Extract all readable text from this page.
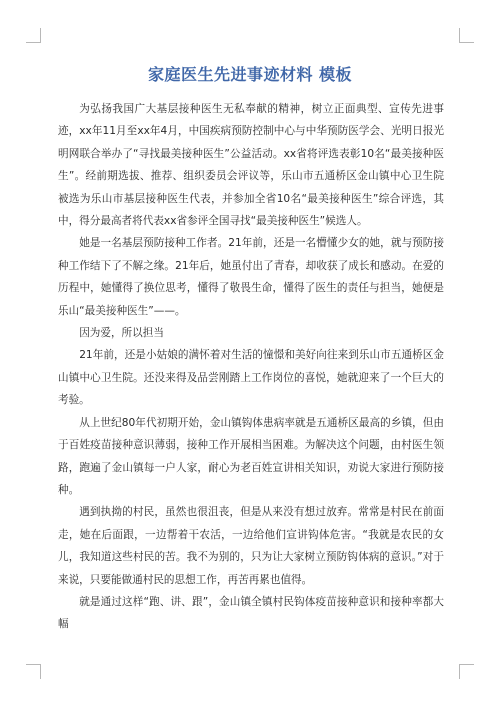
家庭医生先进事迹材料 模板

为弘扬我国广大基层接种医生无私奉献的精神，树立正面典型、宣传先进事迹，xx年11月至xx年4月，中国疾病预防控制中心与中华预防医学会、光明日报光明网联合举办了“寻找最美接种医生”公益活动。xx省将评选表彰10名“最美接种医生”。经前期选拔、推荐、组织委员会评议等，乐山市五通桥区金山镇中心卫生院被选为乐山市基层接种医生代表，并参加全省10名“最美接种医生”综合评选，其中，得分最高者将代表xx省参评全国寻找“最美接种医生”候选人。

她是一名基层预防接种工作者。21年前，还是一名懵懂少女的她，就与预防接种工作结下了不解之缘。21年后，她虽付出了青春，却收获了成长和感动。在爱的历程中，她懂得了换位思考，懂得了敬畏生命，懂得了医生的责任与担当，她便是乐山“最美接种医生”——。

因为爱，所以担当

21年前，还是小姑娘的满怀着对生活的憧憬和美好向往来到乐山市五通桥区金山镇中心卫生院。还没来得及品尝刚踏上工作岗位的喜悦，她就迎来了一个巨大的考验。

从上世纪80年代初期开始，金山镇钩体患病率就是五通桥区最高的乡镇，但由于百姓疫苗接种意识薄弱，接种工作开展相当困难。为解决这个问题，由村医生领路，跑遍了金山镇每一户人家，耐心为老百姓宣讲相关知识，劝说大家进行预防接种。

遇到执拗的村民，虽然也很沮丧，但是从来没有想过放弃。常常是村民在前面走，她在后面跟，一边帮着干农活，一边给他们宣讲钩体危害。“我就是农民的女儿，我知道这些村民的苦。我不为别的，只为让大家树立预防钩体病的意识。”对于来说，只要能做通村民的思想工作，再苦再累也值得。

就是通过这样“跑、讲、跟”，金山镇全镇村民钩体疫苗接种意识和接种率都大幅
